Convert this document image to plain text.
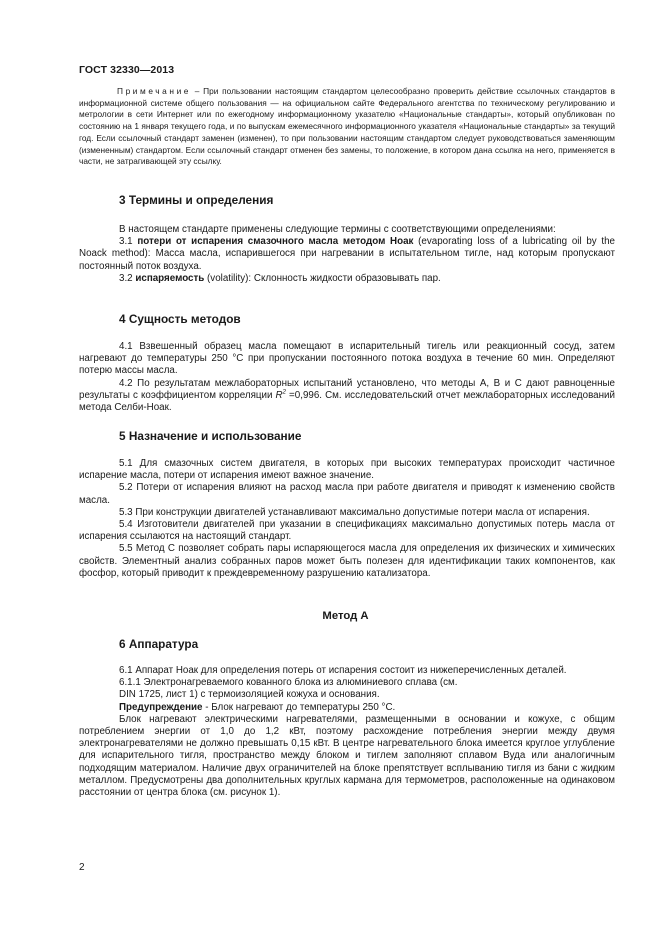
ГОСТ 32330—2013

Примечание – При пользовании настоящим стандартом целесообразно проверить действие ссылочных стандартов в информационной системе общего пользования — на официальном сайте Федерального агентства по техническому регулированию и метрологии в сети Интернет или по ежегодному информационному указателю «Национальные стандарты», который опубликован по состоянию на 1 января текущего года, и по выпускам ежемесячного информационного указателя «Национальные стандарты» за текущий год. Если ссылочный стандарт заменен (изменен), то при пользовании настоящим стандартом следует руководствоваться заменяющим (измененным) стандартом. Если ссылочный стандарт отменен без замены, то положение, в котором дана ссылка на него, применяется в части, не затрагивающей эту ссылку.

3 Термины и определения

В настоящем стандарте применены следующие термины с соответствующими определениями:

3.1 потери от испарения смазочного масла методом Ноак (evaporating loss of a lubricating oil by the Noack method): Масса масла, испарившегося при нагревании в испытательном тигле, над которым пропускают постоянный поток воздуха.

3.2 испаряемость (volatility): Склонность жидкости образовывать пар.

4 Сущность методов

4.1 Взвешенный образец масла помещают в испарительный тигель или реакционный сосуд, затем нагревают до температуры 250 °С при пропускании постоянного потока воздуха в течение 60 мин. Определяют потерю массы масла.

4.2 По результатам межлабораторных испытаний установлено, что методы А, В и С дают равноценные результаты с коэффициентом корреляции $R^2 =0,996$. См. исследовательский отчет межлабораторных исследований метода Селби-Ноак.

5 Назначение и использование

5.1 Для смазочных систем двигателя, в которых при высоких температурах происходит частичное испарение масла, потери от испарения имеют важное значение.

5.2 Потери от испарения влияют на расход масла при работе двигателя и приводят к изменению свойств масла.

5.3 При конструкции двигателей устанавливают максимально допустимые потери масла от испарения.

5.4 Изготовители двигателей при указании в спецификациях максимально допустимых потерь масла от испарения ссылаются на настоящий стандарт.

5.5 Метод С позволяет собрать пары испаряющегося масла для определения их физических и химических свойств. Элементный анализ собранных паров может быть полезен для идентификации таких компонентов, как фосфор, который приводит к преждевременному разрушению катализатора.

Метод А
6 Аппаратура

6.1 Аппарат Ноак для определения потерь от испарения состоит из нижеперечисленных деталей.

6.1.1 Электронагреваемого кованного блока из алюминиевого сплава (см.

DIN 1725, лист 1) с термоизоляцией кожуха и основания.

Предупреждение - Блок нагревают до температуры 250 °С.

Блок нагревают электрическими нагревателями, размещенными в основании и кожухе, с общим потреблением энергии от 1,0 до 1,2 кВт, поэтому расхождение потребления энергии между двумя электронагревателями не должно превышать 0,15 кВт. В центре нагревательного блока имеется круглое углубление для испарительного тигля, пространство между блоком и тиглем заполняют сплавом Вуда или аналогичным подходящим материалом. Наличие двух ограничителей на блоке препятствует всплыванию тигля из бани с жидким металлом. Предусмотрены два дополнительных круглых кармана для термометров, расположенные на одинаковом расстоянии от центра блока (см. рисунок 1).

2
